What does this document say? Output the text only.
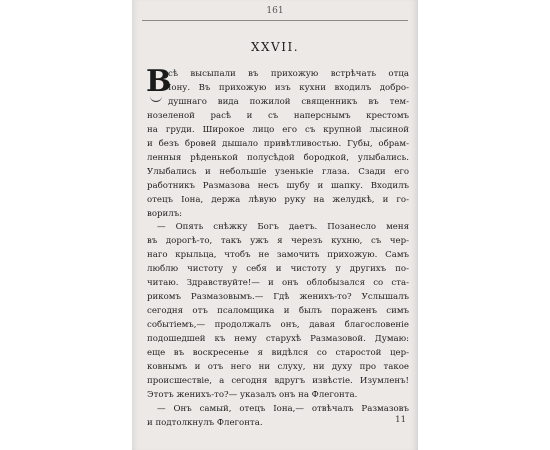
161
XXVII.
В
сѣ высыпали въ прихожую встрѣчать отца
Іону. Въ прихожую изъ кухни входилъ добро-
душнаго вида пожилой священникъ въ тем-
нозеленой расѣ и съ наперснымъ крестомъ
на груди. Широкое лицо его съ крупной лысиной
и безъ бровей дышало привѣтливостью. Губы, обрам-
ленныя рѣденькой полусѣдой бородкой, улыбались.
Улыбались и небольшіе узенькіе глаза. Сзади его
работникъ Размазова несъ шубу и шапку. Входилъ
отецъ Іона, держа лѣвую руку на желудкѣ, и го-
ворилъ:
— Опять снѣжку Богъ даетъ. Позанесло меня
въ дорогѣ-то, такъ ужъ я черезъ кухню, съ чер-
наго крыльца, чтобъ не замочить прихожую. Самъ
люблю чистоту у себя и чистоту у другихъ по-
читаю. Здравствуйте!— и онъ облобызался со ста-
рикомъ Размазовымъ.— Гдѣ женихъ-то? Услышалъ
сегодня отъ псаломщика и былъ пораженъ симъ
событіемъ,— продолжалъ онъ, давая благословеніе
подошедшей къ нему старухѣ Размазовой. Думаю:
еще въ воскресенье я видѣлся со старостой цер-
ковнымъ и отъ него ни слуху, ни духу про такое
происшествіе, а сегодня вдругъ извѣстіе. Изумленъ!
Этотъ женихъ-то?— указалъ онъ на Флегонта.
— Онъ самый, отецъ Іона,— отвѣчалъ Размазовъ
и подтолкнулъ Флегонта.	11
